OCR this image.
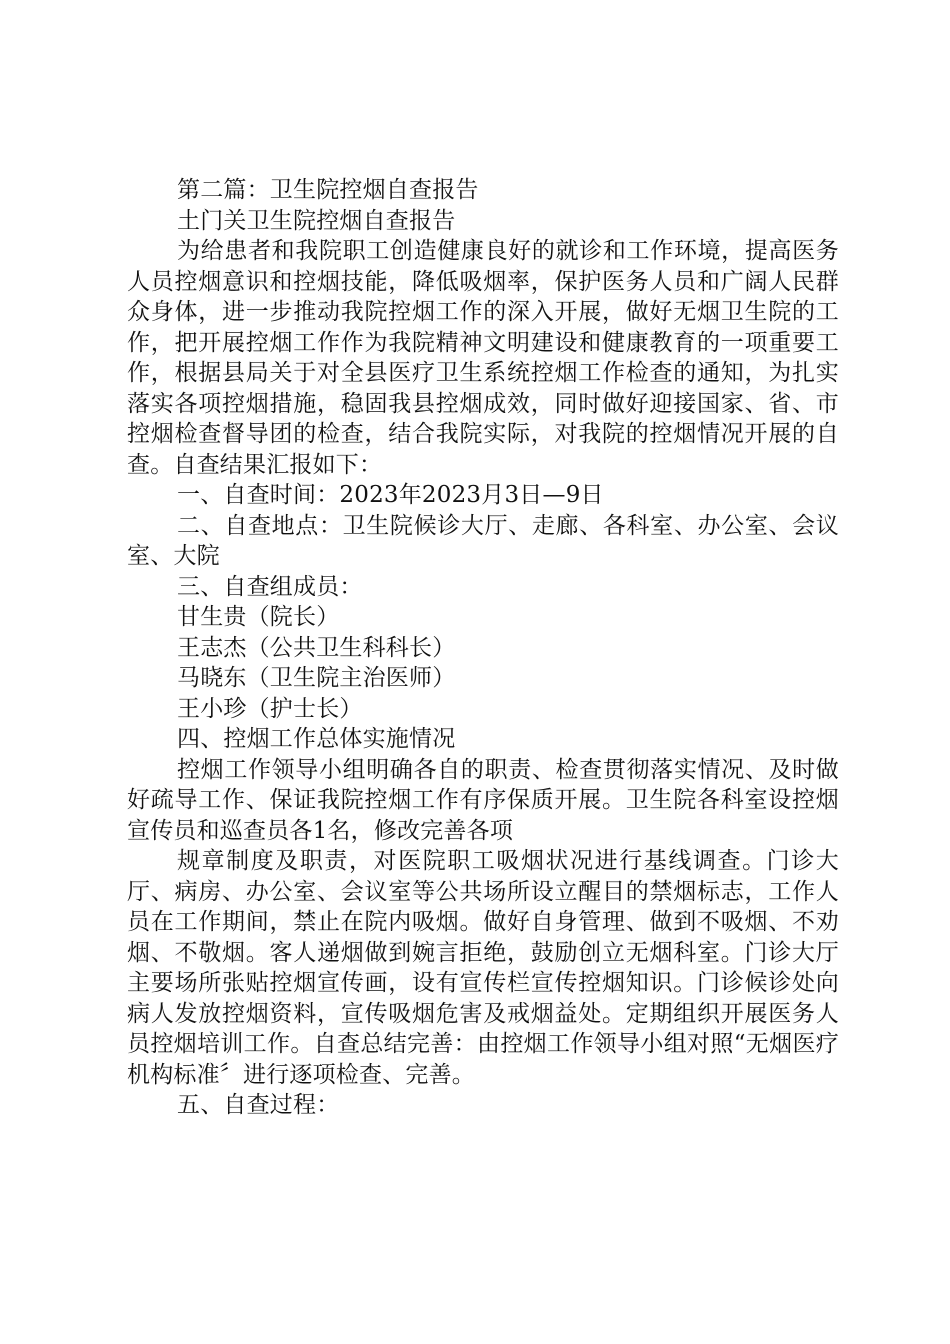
第二篇：卫生院控烟自查报告

土门关卫生院控烟自查报告

为给患者和我院职工创造健康良好的就诊和工作环境，提高医务人员控烟意识和控烟技能，降低吸烟率，保护医务人员和广阔人民群众身体，进一步推动我院控烟工作的深入开展，做好无烟卫生院的工作，把开展控烟工作作为我院精神文明建设和健康教育的一项重要工作，根据县局关于对全县医疗卫生系统控烟工作检查的通知，为扎实落实各项控烟措施，稳固我县控烟成效，同时做好迎接国家、省、市控烟检查督导团的检查，结合我院实际，对我院的控烟情况开展的自查。自查结果汇报如下：

一、自查时间：2023年2023月3日—9日

二、自查地点：卫生院候诊大厅、走廊、各科室、办公室、会议室、大院

三、自查组成员：

甘生贵（院长）

王志杰（公共卫生科科长）

马晓东（卫生院主治医师）

王小珍（护士长）

四、控烟工作总体实施情况

控烟工作领导小组明确各自的职责、检查贯彻落实情况、及时做好疏导工作、保证我院控烟工作有序保质开展。卫生院各科室设控烟宣传员和巡查员各1名，修改完善各项

规章制度及职责，对医院职工吸烟状况进行基线调查。门诊大厅、病房、办公室、会议室等公共场所设立醒目的禁烟标志，工作人员在工作期间，禁止在院内吸烟。做好自身管理、做到不吸烟、不劝烟、不敬烟。客人递烟做到婉言拒绝，鼓励创立无烟科室。门诊大厅主要场所张贴控烟宣传画，设有宣传栏宣传控烟知识。门诊候诊处向病人发放控烟资料，宣传吸烟危害及戒烟益处。定期组织开展医务人员控烟培训工作。自查总结完善：由控烟工作领导小组对照“无烟医疗机构标准〞进行逐项检查、完善。

五、自查过程：
